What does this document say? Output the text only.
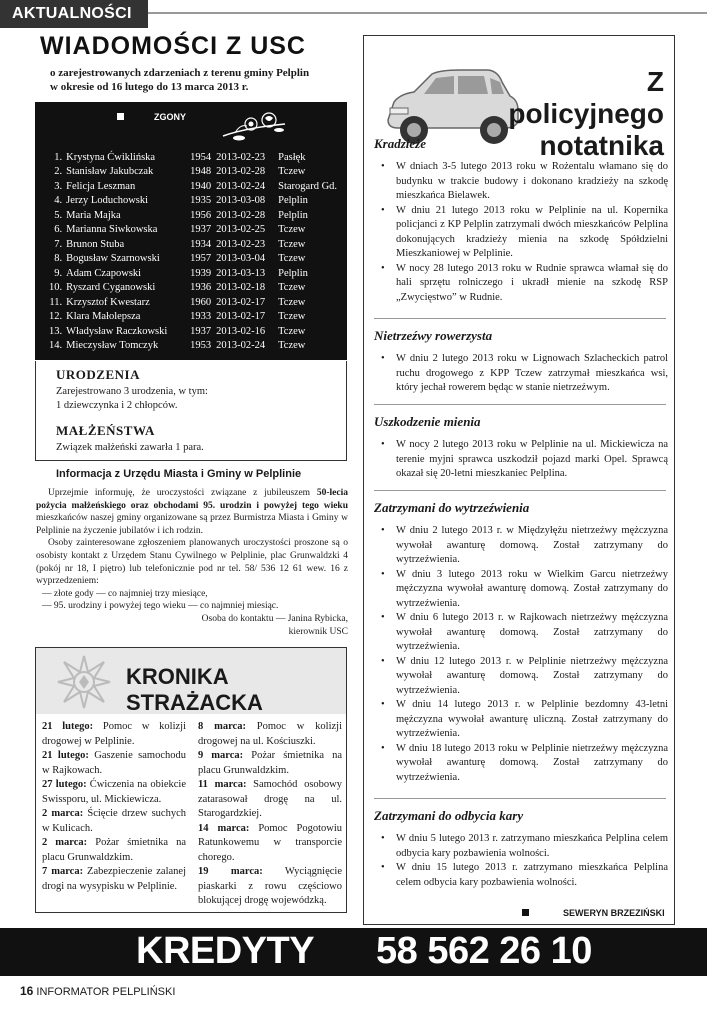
AKTUALNOŚCI
WIADOMOŚCI Z USC
o zarejestrowanych zdarzeniach z terenu gminy Pelplin
w okresie od 16 lutego do 13 marca 2013 r.
ZGONY
1.	Krystyna Ćwiklińska	1954	2013-02-23	Pasłęk
2.	Stanisław Jakubczak	1948	2013-02-28	Tczew
3.	Felicja Leszman	1940	2013-02-24	Starogard Gd.
4.	Jerzy Loduchowski	1935	2013-03-08	Pelplin
5.	Maria Majka	1956	2013-02-28	Pelplin
6.	Marianna Siwkowska	1937	2013-02-25	Tczew
7.	Brunon Stuba	1934	2013-02-23	Tczew
8.	Bogusław Szarnowski	1957	2013-03-04	Tczew
9.	Adam Czapowski	1939	2013-03-13	Pelplin
10.	Ryszard Cyganowski	1936	2013-02-18	Tczew
11.	Krzysztof Kwestarz	1960	2013-02-17	Tczew
12.	Klara Małolepsza	1933	2013-02-17	Tczew
13.	Władysław Raczkowski	1937	2013-02-16	Tczew
14.	Mieczysław Tomczyk	1953	2013-02-24	Tczew
URODZENIA
Zarejestrowano 3 urodzenia, w tym:
1 dziewczynka i 2 chłopców.
MAŁŻEŃSTWA
Związek małżeński zawarła 1 para.
Informacja z Urzędu Miasta i Gminy w Pelplinie

Uprzejmie informuję, że uroczystości związane z jubileuszem 50-lecia pożycia małżeńskiego oraz obchodami 95. urodzin i powyżej tego wieku mieszkańców naszej gminy organizowane są przez Burmistrza Miasta i Gminy w Pelplinie na życzenie jubilatów i ich rodzin.

Osoby zainteresowane zgłoszeniem planowanych uroczystości proszone są o osobisty kontakt z Urzędem Stanu Cywilnego w Pelplinie, plac Grunwaldzki 4 (pokój nr 18, I piętro) lub telefonicznie pod nr tel. 58/ 536 12 61 wew. 16 z wyprzedzeniem:

— złote gody — co najmniej trzy miesiące,
— 95. urodziny i powyżej tego wieku — co najmniej miesiąc.
Osoba do kontaktu — Janina Rybicka,
kierownik USC
KRONIKA STRAŻACKA
21 lutego: Pomoc w kolizji drogowej w Pelplinie.
21 lutego: Gaszenie samochodu w Rajkowach.
27 lutego: Ćwiczenia na obiekcie Swissporu, ul. Mickiewicza.
2 marca: Ścięcie drzew suchych w Kulicach.
2 marca: Pożar śmietnika na placu Grunwaldzkim.
7 marca: Zabezpieczenie zalanej drogi na wysypisku w Pelplinie.
8 marca: Pomoc w kolizji drogowej na ul. Kościuszki.
9 marca: Pożar śmietnika na placu Grunwaldzkim.
11 marca: Samochód osobowy zatarasował drogę na ul. Starogardzkiej.
14 marca: Pomoc Pogotowiu Ratunkowemu w transporcie chorego.
19 marca: Wyciągnięcie piaskarki z rowu częściowo blokującej drogę wojewódzką.
Z policyjnego
notatnika
SEWERYN BRZEZIŃSKI
Kradzieże
• W dniach 3-5 lutego 2013 roku w Rożentalu włamano się do budynku w trakcie budowy i dokonano kradzieży na szkodę mieszkańca Bielawek.
• W dniu 21 lutego 2013 roku w Pelplinie na ul. Kopernika policjanci z KP Pelplin zatrzymali dwóch mieszkańców Pelplina dokonujących kradzieży mienia na szkodę Spółdzielni Mieszkaniowej w Pelplinie.
• W nocy 28 lutego 2013 roku w Rudnie sprawca włamał się do hali sprzętu rolniczego i ukradł mienie na szkodę RSP „Zwycięstwo” w Rudnie.
Nietrzeźwy rowerzysta
• W dniu 2 lutego 2013 roku w Lignowach Szlacheckich patrol ruchu drogowego z KPP Tczew zatrzymał mieszkańca wsi, który jechał rowerem będąc w stanie nietrzeźwym.
Uszkodzenie mienia
• W nocy 2 lutego 2013 roku w Pelplinie na ul. Mickiewicza na terenie myjni sprawca uszkodził pojazd marki Opel. Sprawcą okazał się 20-letni mieszkaniec Pelplina.
Zatrzymani do wytrzeźwienia
• W dniu 2 lutego 2013 r. w Międzyłężu nietrzeźwy mężczyzna wywołał awanturę domową. Został zatrzymany do wytrzeźwienia.
• W dniu 3 lutego 2013 roku w Wielkim Garcu nietrzeźwy mężczyzna wywołał awanturę domową. Został zatrzymany do wytrzeźwienia.
• W dniu 6 lutego 2013 r. w Rajkowach nietrzeźwy mężczyzna wywołał awanturę domową. Został zatrzymany do wytrzeźwienia.
• W dniu 12 lutego 2013 r. w Pelplinie nietrzeźwy mężczyzna wywołał awanturę domową. Został zatrzymany do wytrzeźwienia.
• W dniu 14 lutego 2013 r. w Pelplinie bezdomny 43-letni mężczyzna wywołał awanturę uliczną. Został zatrzymany do wytrzeźwienia.
• W dniu 18 lutego 2013 roku w Pelplinie nietrzeźwy mężczyzna wywołał awanturę domową. Został zatrzymany do wytrzeźwienia.
Zatrzymani do odbycia kary
• W dniu 5 lutego 2013 r. zatrzymano mieszkańca Pelplina celem odbycia kary pozbawienia wolności.
• W dniu 15 lutego 2013 r. zatrzymano mieszkańca Pelplina celem odbycia kary pozbawienia wolności.
KREDYTY 58 562 26 10
16 INFORMATOR PELPLIŃSKI
